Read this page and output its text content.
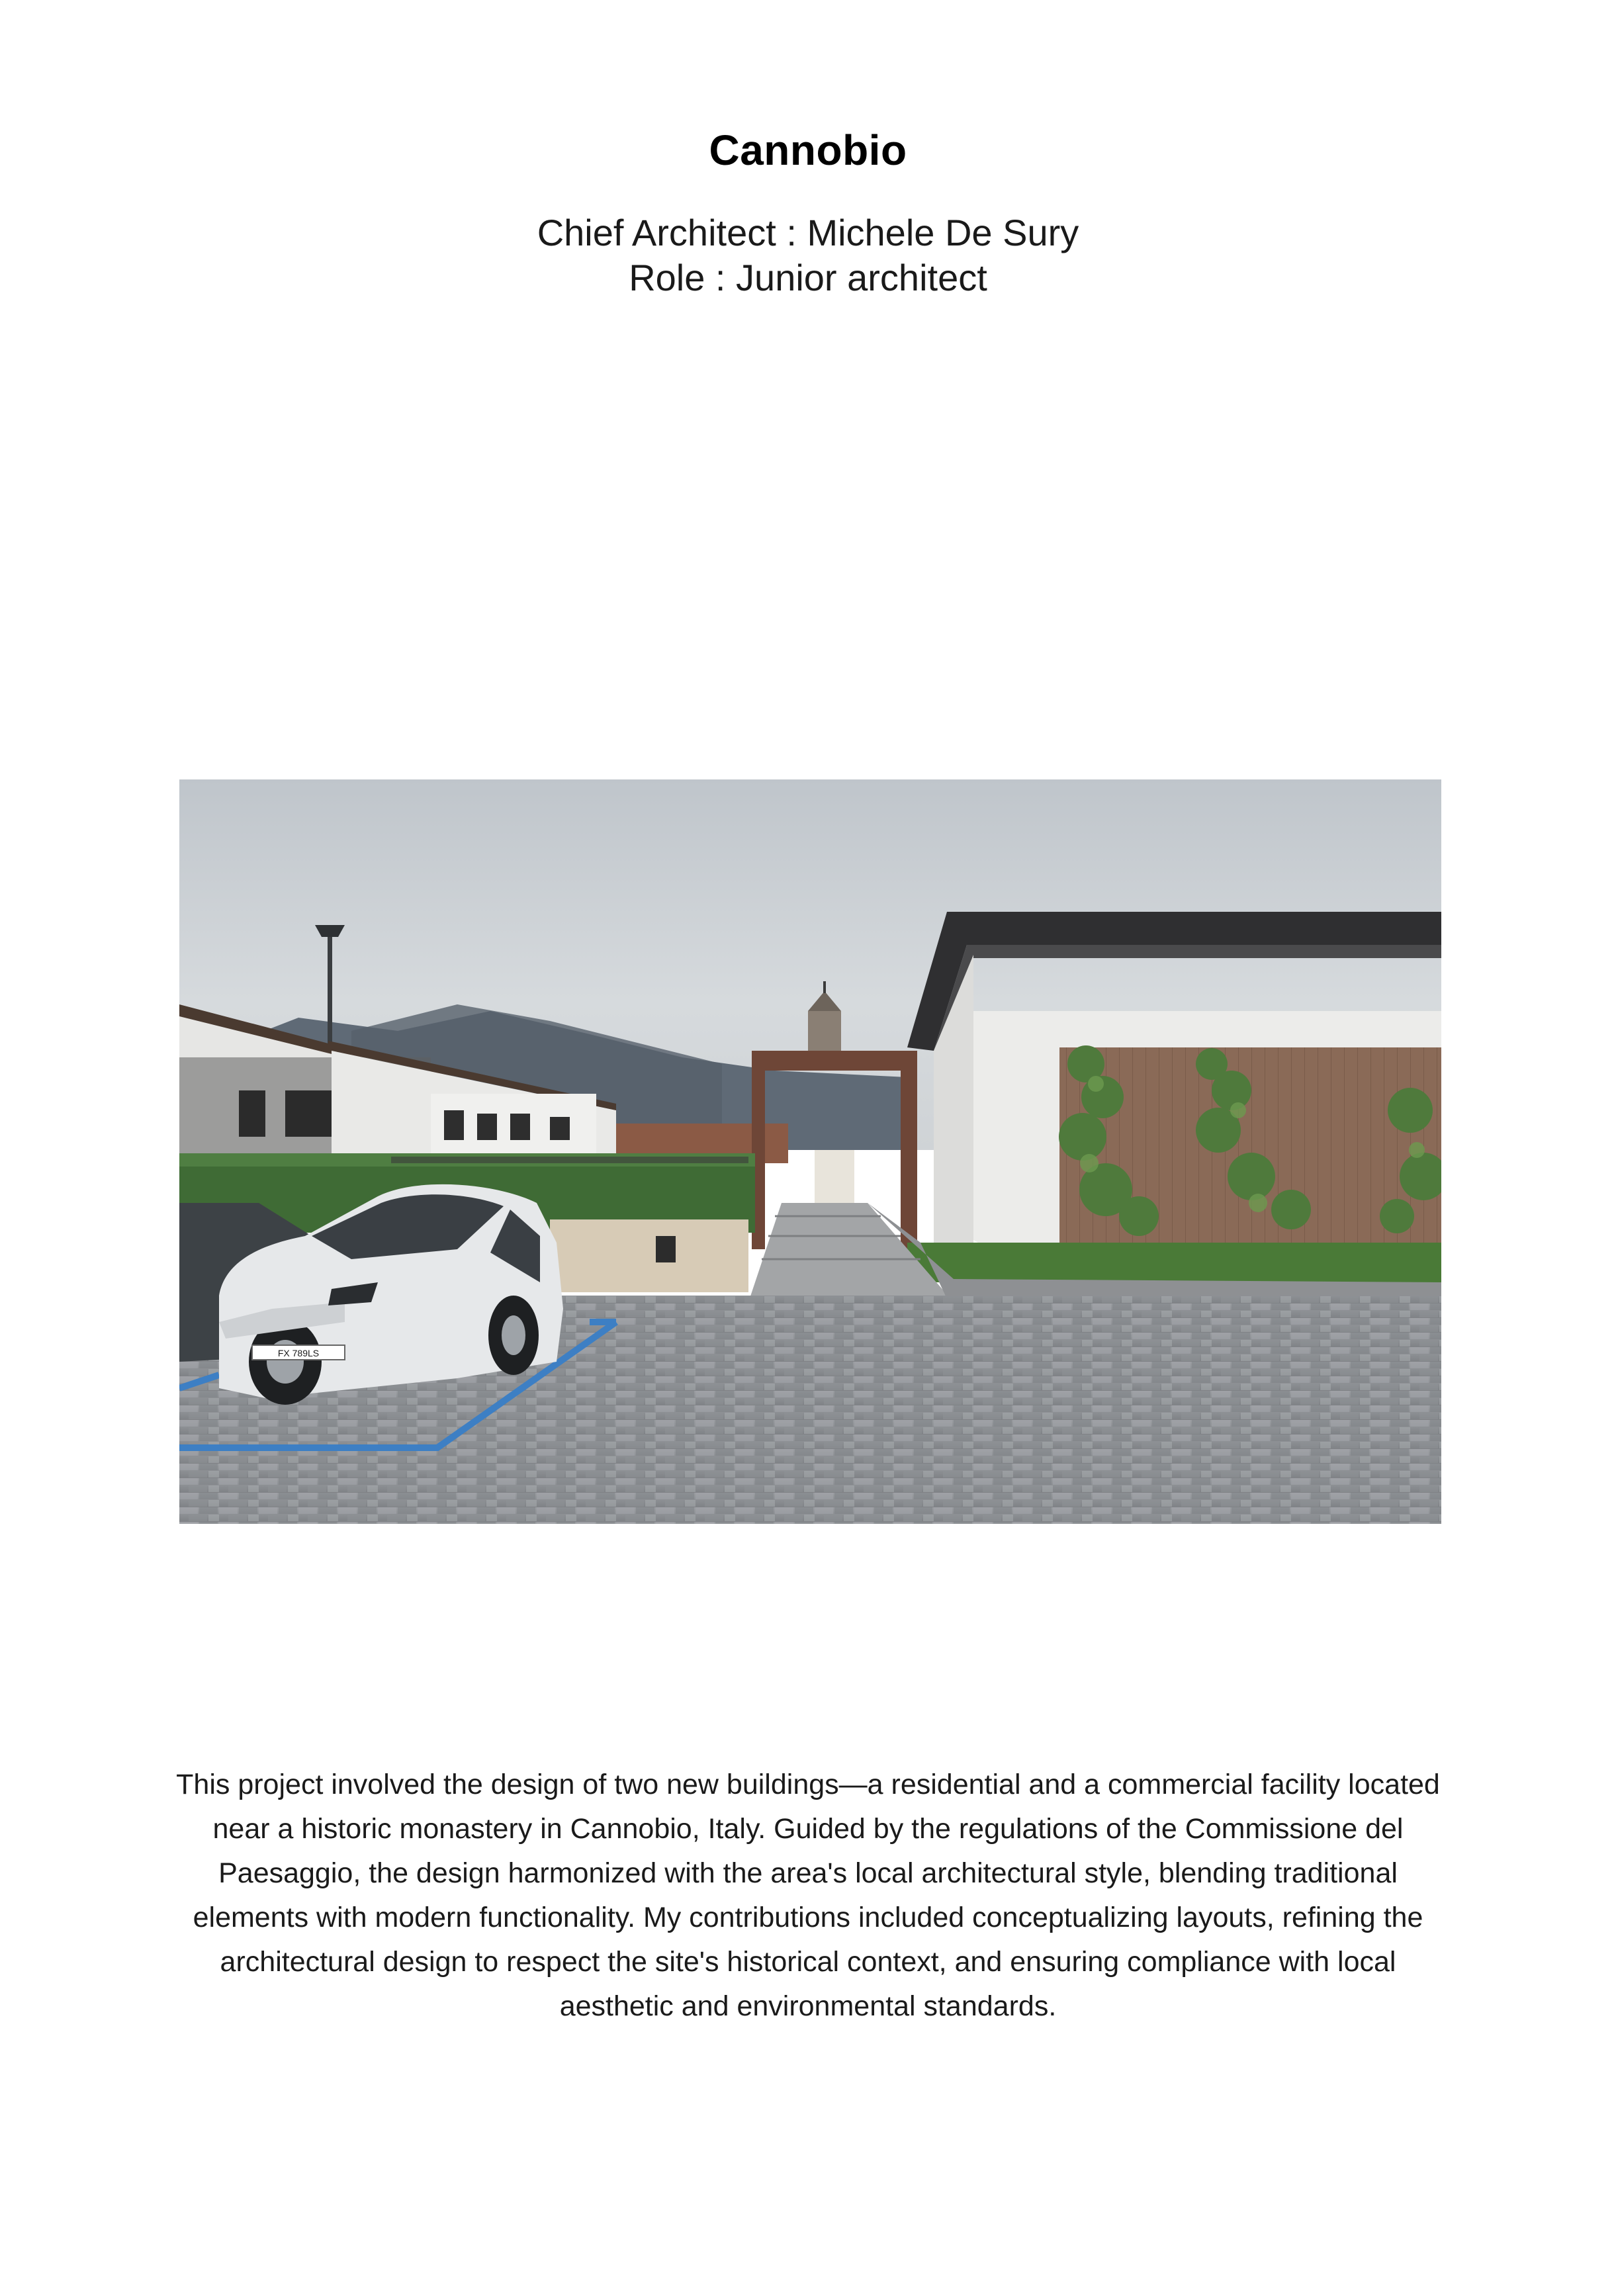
Cannobio
Chief Architect : Michele De Sury
Role : Junior architect
FX 789LS

This project involved the design of two new buildings—a residential and a commercial facility located near a historic monastery in Cannobio, Italy. Guided by the regulations of the Commissione del Paesaggio, the design harmonized with the area's local architectural style, blending traditional elements with modern functionality. My contributions included conceptualizing layouts, refining the architectural design to respect the site's historical context, and ensuring compliance with local aesthetic and environmental standards.
